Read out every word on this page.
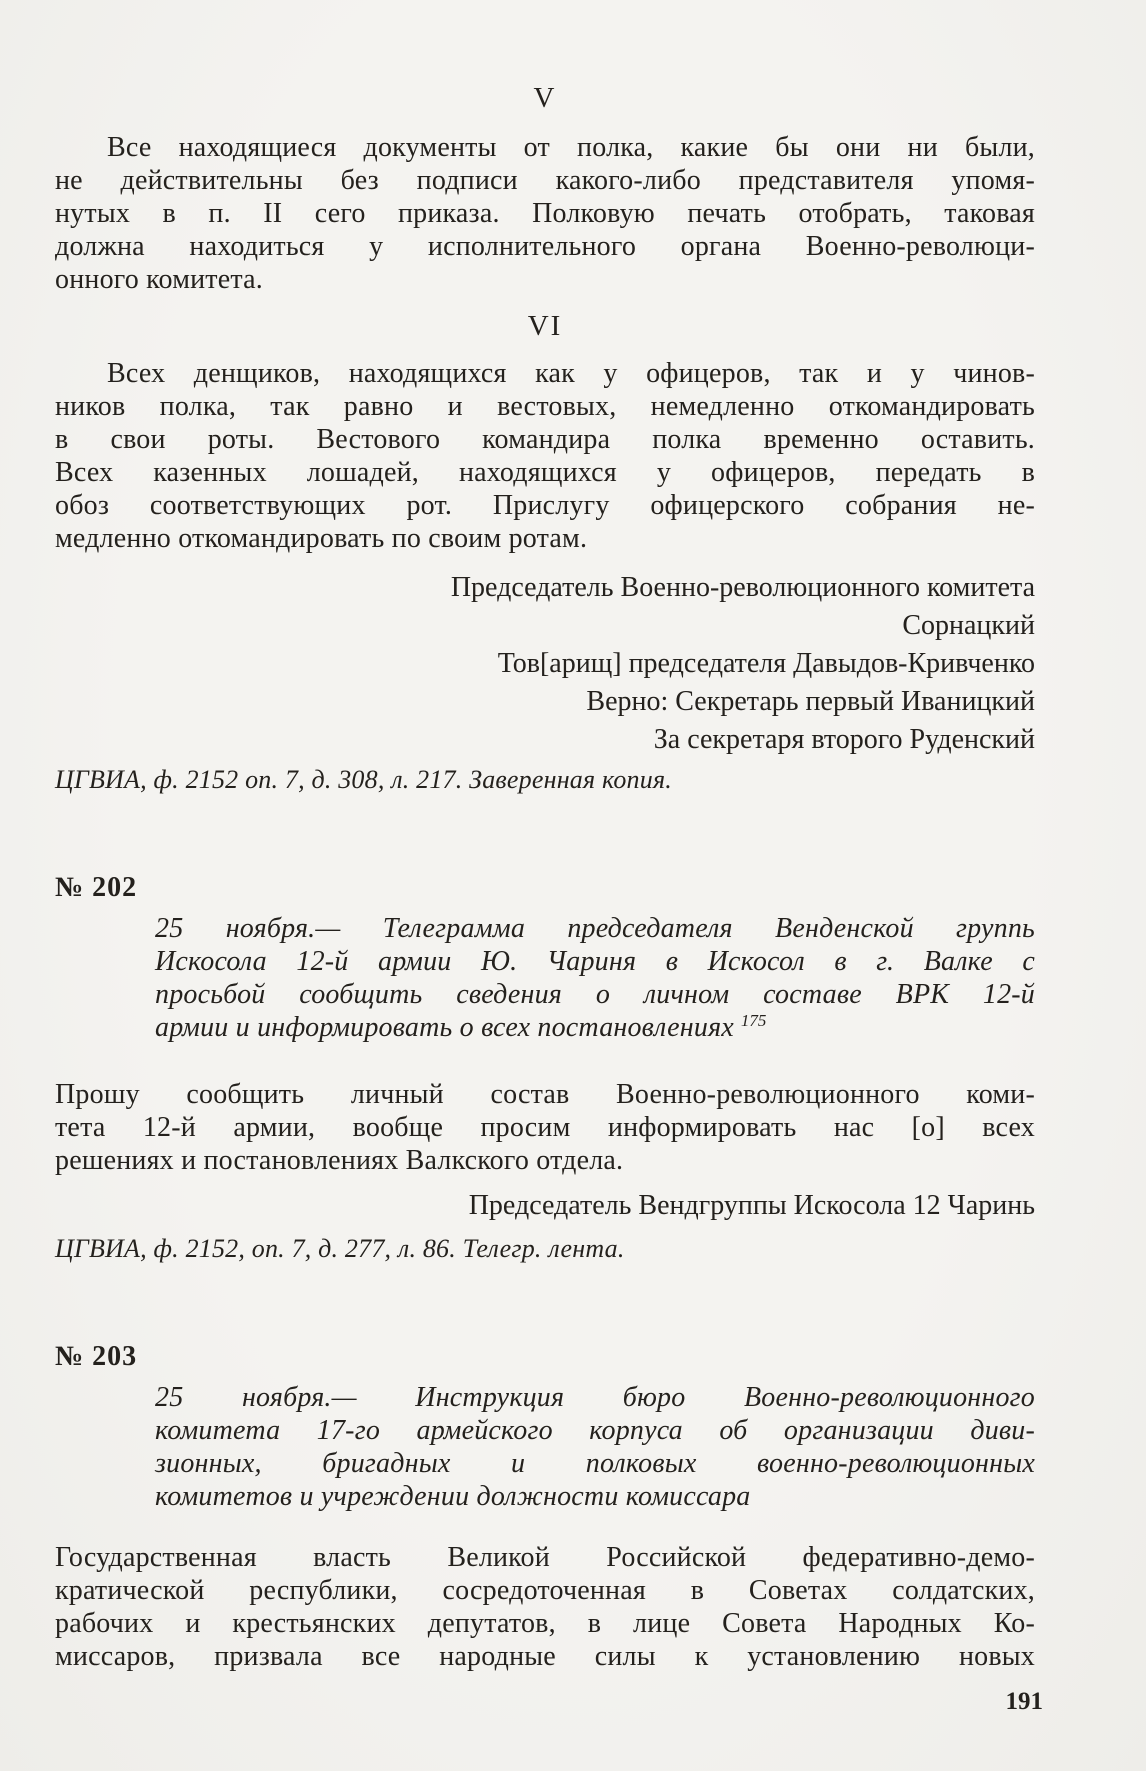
V
Все находящиеся документы от полка, какие бы они ни были,
не действительны без подписи какого-либо представителя упомя-
нутых в п. II сего приказа. Полковую печать отобрать, таковая
должна находиться у исполнительного органа Военно-революци-
онного комитета.
VI
Всех денщиков, находящихся как у офицеров, так и у чинов-
ников полка, так равно и вестовых, немедленно откомандировать
в свои роты. Вестового командира полка временно оставить.
Всех казенных лошадей, находящихся у офицеров, передать в
обоз соответствующих рот. Прислугу офицерского собрания не-
медленно откомандировать по своим ротам.
Председатель Военно-революционного комитета
Сорнацкий
Тов[арищ] председателя Давыдов-Кривченко
Верно: Секретарь первый Иваницкий
За секретаря второго Руденский
ЦГВИА, ф. 2152 оп. 7, д. 308, л. 217. Заверенная копия.
№ 202
25 ноября.— Телеграмма председателя Венденской группь
Искосола 12-й армии Ю. Чариня в Искосол в г. Валке с
просьбой сообщить сведения о личном составе ВРК 12-й
армии и информировать о всех постановлениях $^{175}$
Прошу сообщить личный состав Военно-революционного коми-
тета 12-й армии, вообще просим информировать нас [о] всех
решениях и постановлениях Валкского отдела.
Председатель Вендгруппы Искосола 12 Чаринь
ЦГВИА, ф. 2152, оп. 7, д. 277, л. 86. Телегр. лента.
№ 203
25 ноября.— Инструкция бюро Военно-революционного
комитета 17-го армейского корпуса об организации диви-
зионных, бригадных и полковых военно-революционных
комитетов и учреждении должности комиссара
Государственная власть Великой Российской федеративно-демо-
кратической республики, сосредоточенная в Советах солдатских,
рабочих и крестьянских депутатов, в лице Совета Народных Ко-
миссаров, призвала все народные силы к установлению новых
191
